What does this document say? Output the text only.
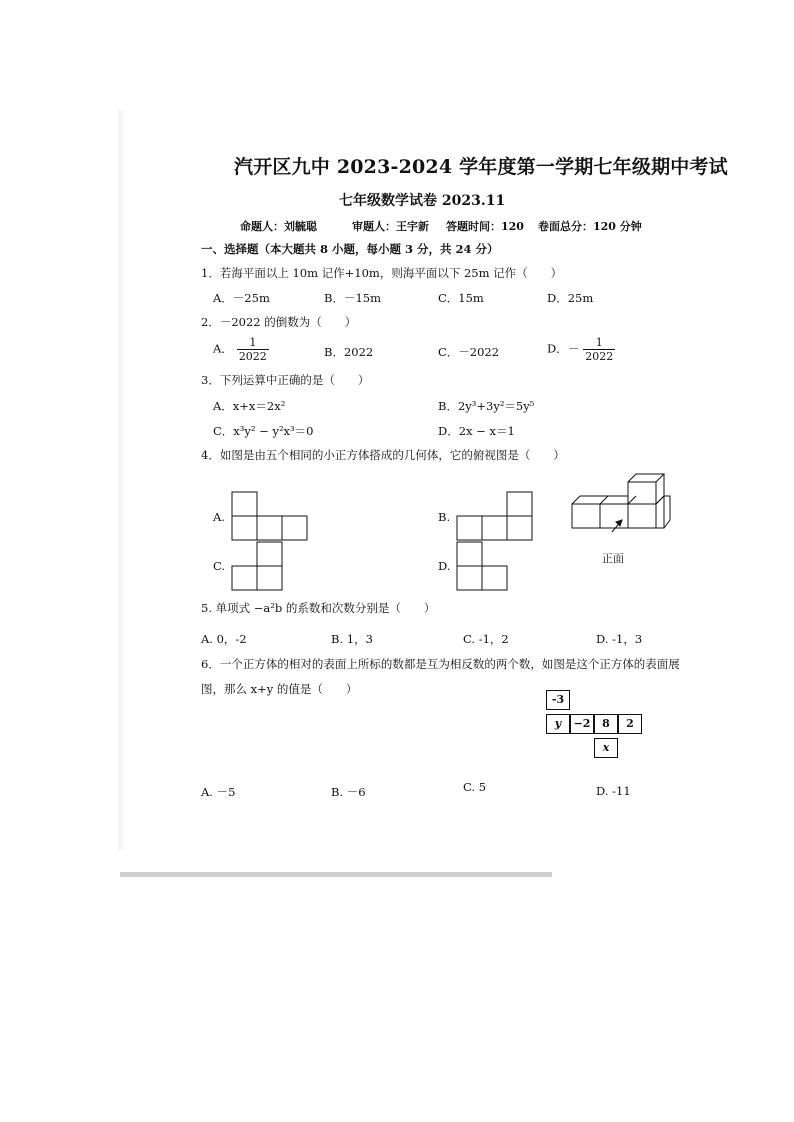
汽开区九中 2023-2024 学年度第一学期七年级期中考试
七年级数学试卷 2023.11
命题人：刘毓聪	审题人：王宇新 答题时间：120 卷面总分：120 分钟
一、选择题（本大题共 8 小题，每小题 3 分，共 24 分）
1．若海平面以上 10m 记作+10m，则海平面以下 25m 记作（　　）
A．－25m	B．－15m	C．15m	D．25m
2．－2022 的倒数为（　　）
A． $\frac{1}{2022}$	B．2022	C．－2022	D．－ $\frac{1}{2022}$
3．下列运算中正确的是（　　）
A．x+x＝2x²	B．2y³+3y²＝5y⁵
C．x³y² − y²x³＝0	D．2x − x＝1
4．如图是由五个相同的小正方体搭成的几何体，它的俯视图是（　　）
A.	B.
C.	D.
正面
5. 单项式 −a²b 的系数和次数分别是（　　）
A. 0，-2	B. 1，3	C. -1，2	D. -1，3
6．一个正方体的相对的表面上所标的数都是互为相反数的两个数，如图是这个正方体的表面展
图，那么 x+y 的值是（　　）
-3
y	−2	8	2
x
A. －5	B. －6	C. 5	D. -11
